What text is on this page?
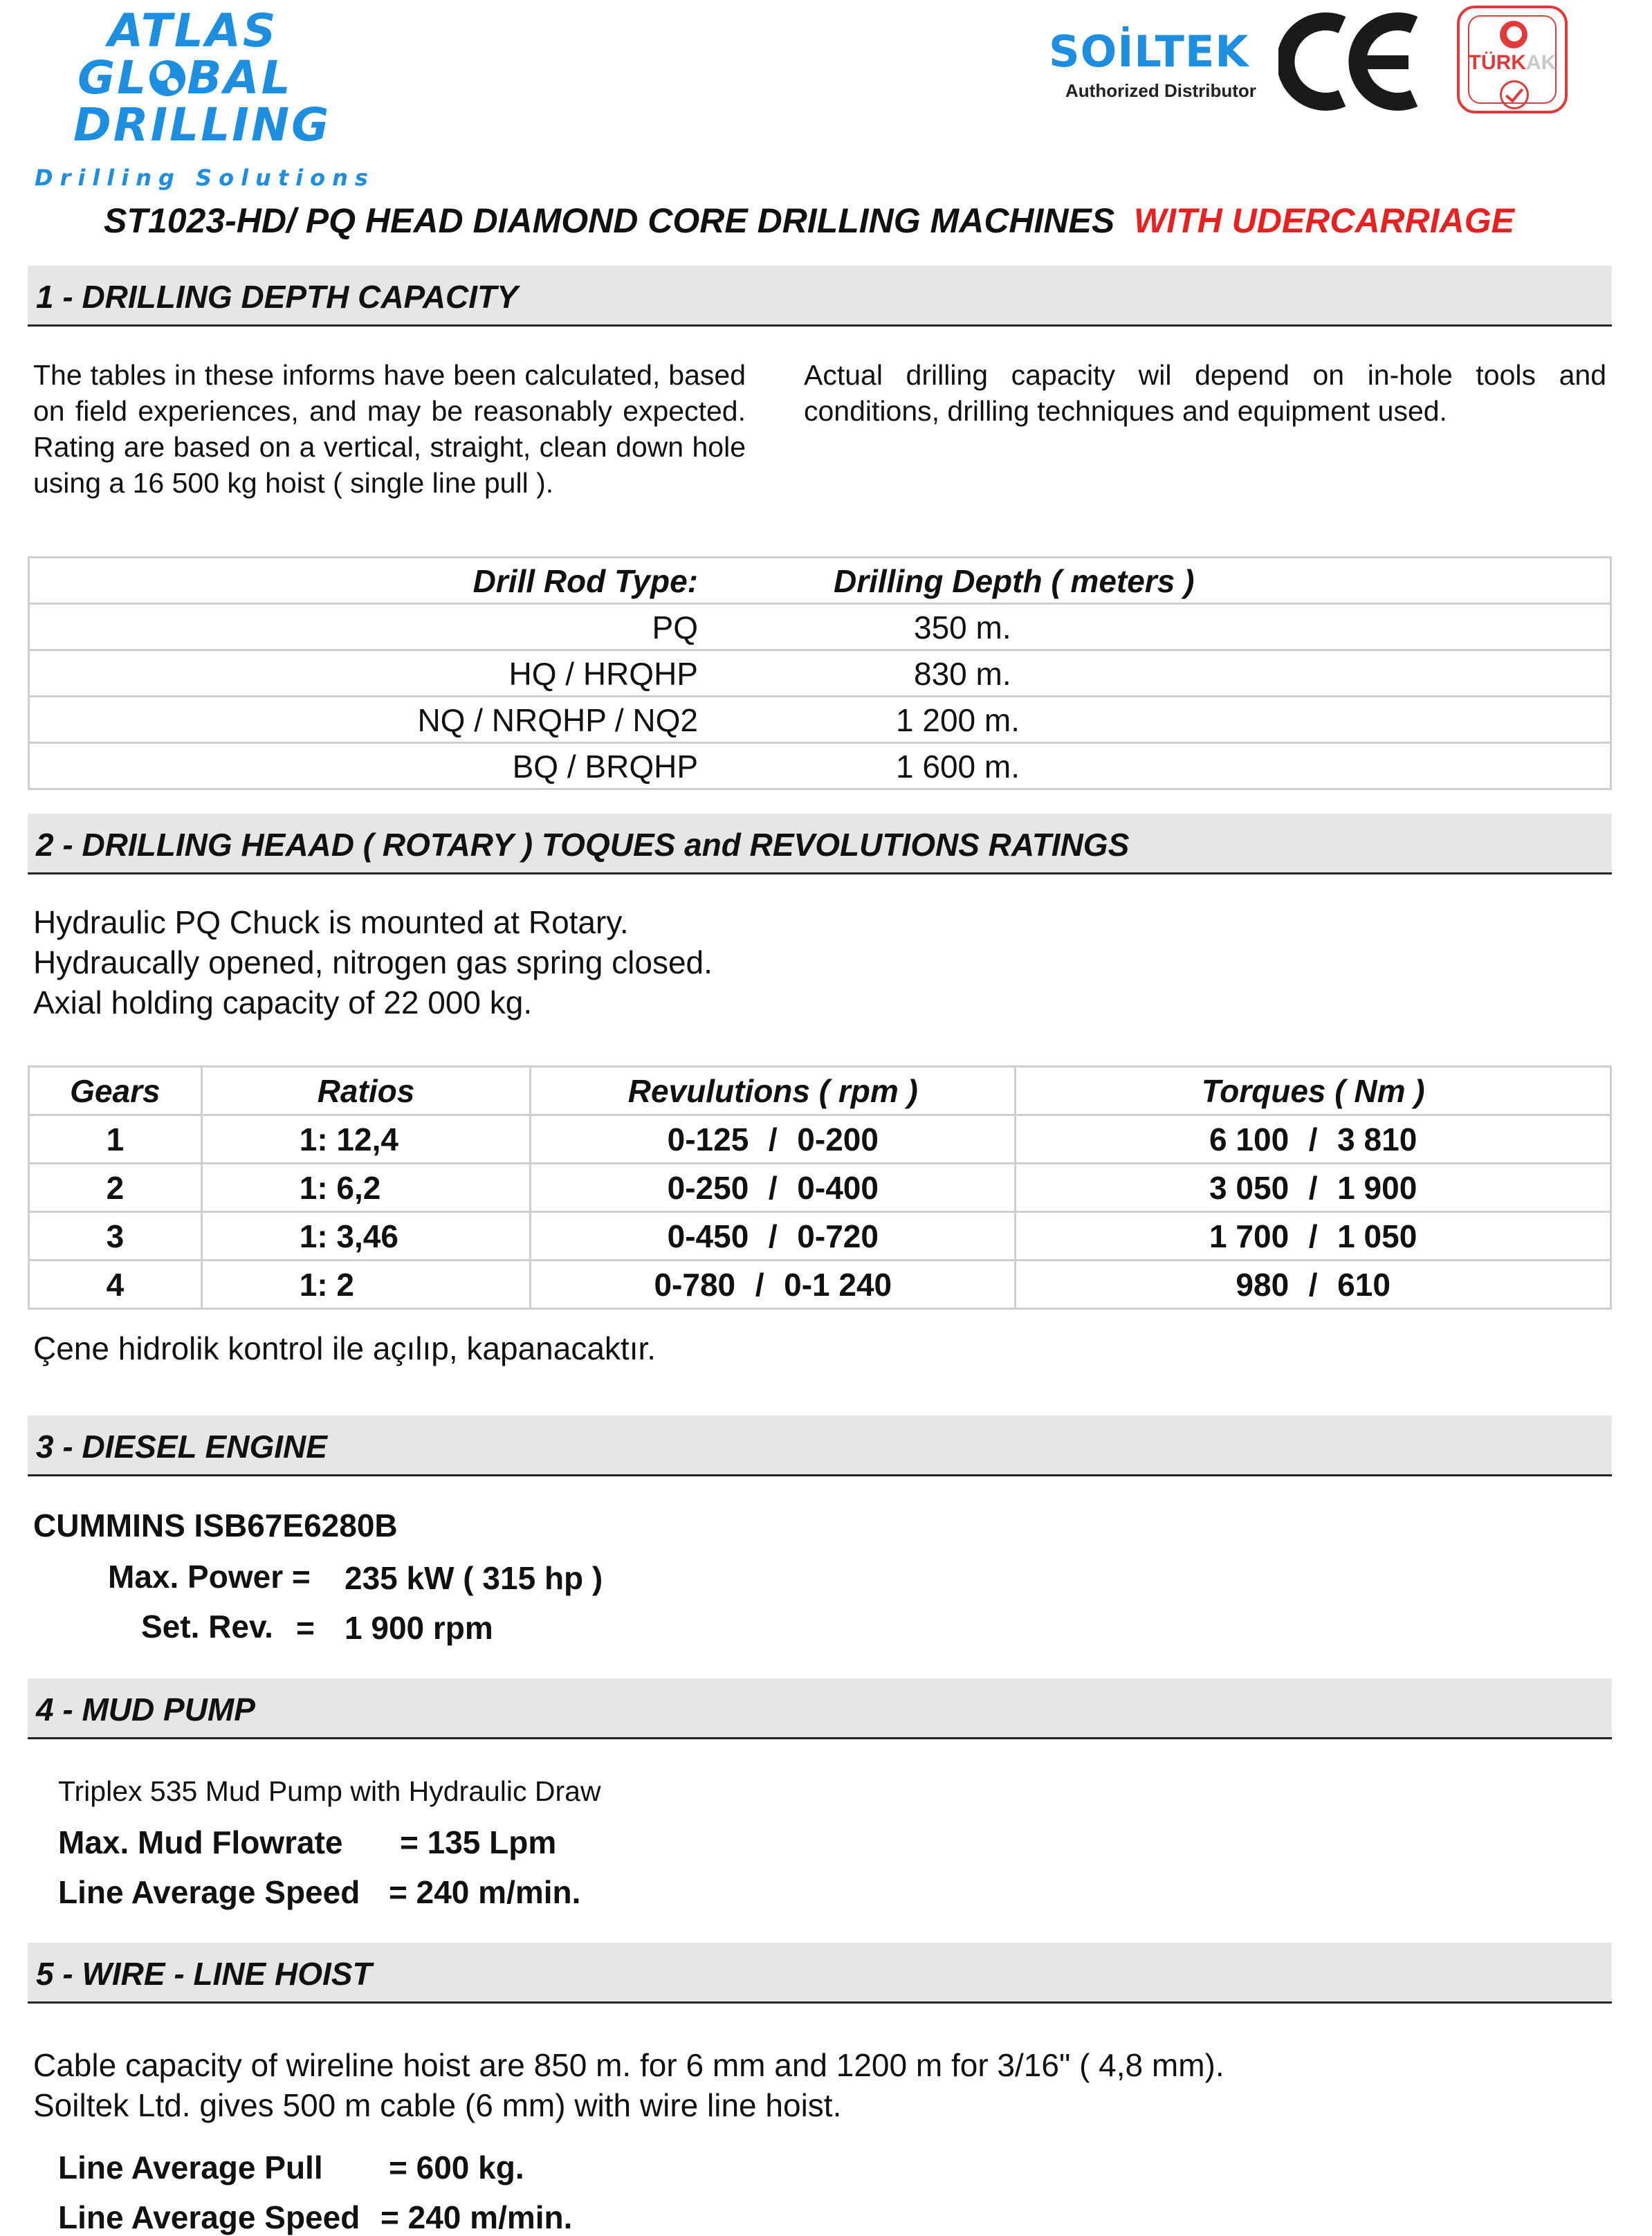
ATLAS
GL BAL
DRILLING
Drilling Solutions
SOİLTEK
Authorized Distributor
TÜRKAK
ST1023-HD/ PQ HEAD DIAMOND CORE DRILLING MACHINES WITH UDERCARRIAGE
1 - DRILLING DEPTH CAPACITY
The tables in these informs have been calculated, based on field experiences, and may be reasonably expected. Rating are based on a vertical, straight, clean down hole using a 16 500 kg hoist ( single line pull ).
Actual drilling capacity wil depend on in-hole tools and conditions, drilling techniques and equipment used.
Drill Rod Type:	Drilling Depth ( meters )
PQ	350 m.
HQ / HRQHP	830 m.
NQ / NRQHP / NQ2	1 200 m.
BQ / BRQHP	1 600 m.
2 - DRILLING HEAAD ( ROTARY ) TOQUES and REVOLUTIONS RATINGS
Hydraulic PQ Chuck is mounted at Rotary.
Hydraucally opened, nitrogen gas spring closed.
Axial holding capacity of 22 000 kg.
Gears	Ratios	Revulutions ( rpm )	Torques ( Nm )
1	1: 12,4	0-125 / 0-200	6 100 / 3 810
2	1: 6,2	0-250 / 0-400	3 050 / 1 900
3	1: 3,46	0-450 / 0-720	1 700 / 1 050
4	1: 2	0-780 / 0-1 240	980 / 610
Çene hidrolik kontrol ile açılıp, kapanacaktır.
3 - DIESEL ENGINE
CUMMINS ISB67E6280B
Max. Power = 235 kW ( 315 hp )
Set. Rev. = 1 900 rpm
4 - MUD PUMP
Triplex 535 Mud Pump with Hydraulic Draw
Max. Mud Flowrate = 135 Lpm
Line Average Speed = 240 m/min.
5 - WIRE - LINE HOIST
Cable capacity of wireline hoist are 850 m. for 6 mm and 1200 m for 3/16" ( 4,8 mm).
Soiltek Ltd. gives 500 m cable (6 mm) with wire line hoist.
Line Average Pull = 600 kg.
Line Average Speed = 240 m/min.
